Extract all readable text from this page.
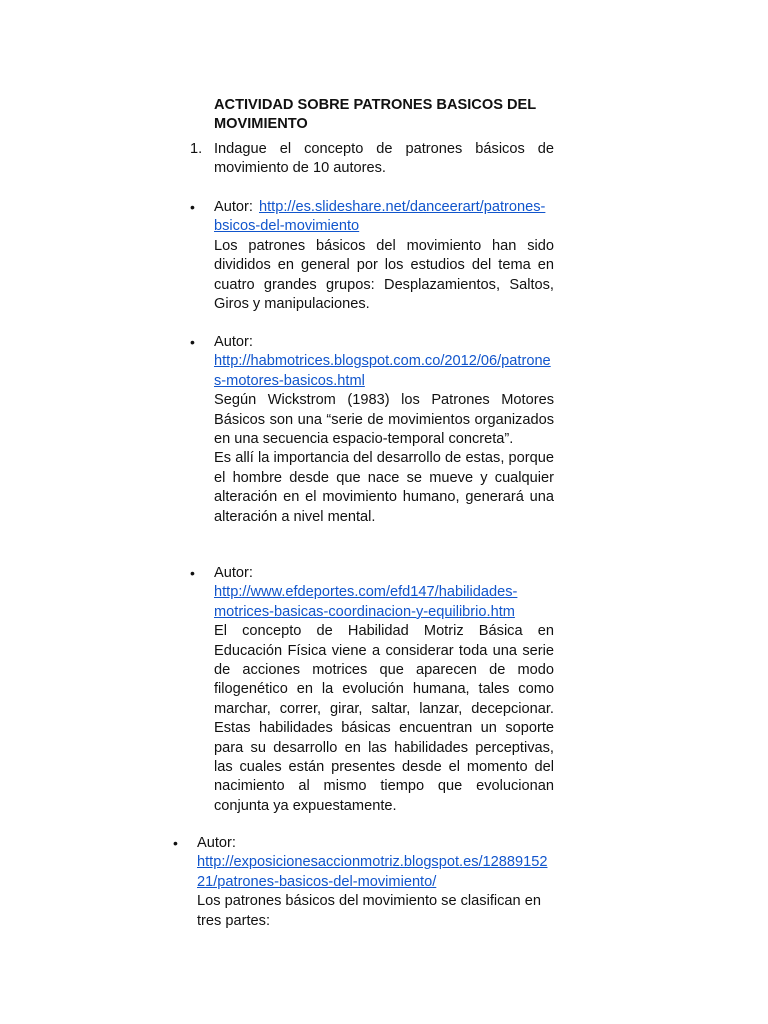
ACTIVIDAD SOBRE PATRONES BASICOS DEL MOVIMIENTO
1. Indague el concepto de patrones básicos de movimiento de 10 autores.
• Autor: http://es.slideshare.net/danceerart/patrones-bsicos-del-movimiento

Los patrones básicos del movimiento han sido divididos en general por los estudios del tema en cuatro grandes grupos: Desplazamientos, Saltos, Giros y manipulaciones.

• Autor:
http://habmotrices.blogspot.com.co/2012/06/patrones-motores-basicos.html

Según Wickstrom (1983) los Patrones Motores Básicos son una “serie de movimientos organizados en una secuencia espacio-temporal concreta”.

Es allí la importancia del desarrollo de estas, porque el hombre desde que nace se mueve y cualquier alteración en el movimiento humano, generará una alteración a nivel mental.

• Autor:
http://www.efdeportes.com/efd147/habilidades-motrices-basicas-coordinacion-y-equilibrio.htm

El concepto de Habilidad Motriz Básica en Educación Física viene a considerar toda una serie de acciones motrices que aparecen de modo filogenético en la evolución humana, tales como marchar, correr, girar, saltar, lanzar, decepcionar. Estas habilidades básicas encuentran un soporte para su desarrollo en las habilidades perceptivas, las cuales están presentes desde el momento del nacimiento al mismo tiempo que evolucionan conjunta ya expuestamente.

• Autor:
http://exposicionesaccionmotriz.blogspot.es/1288915221/patrones-basicos-del-movimiento/

Los patrones básicos del movimiento se clasifican en tres partes:
